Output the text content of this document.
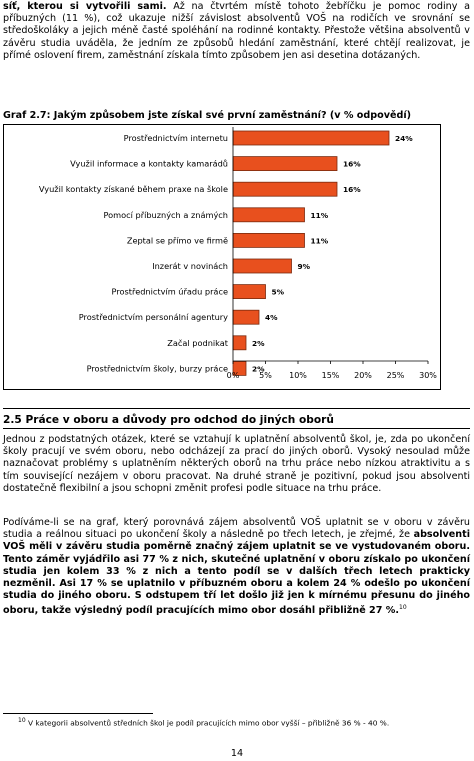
síť, kterou si vytvořili sami. Až na čtvrtém místě tohoto žebříčku je pomoc rodiny a příbuzných (11 %), což ukazuje nižší závislost absolventů VOŠ na rodičích ve srovnání se středoškoláky a jejich méně časté spoléhání na rodinné kontakty. Přestože většina absolventů v závěru studia uváděla, že jedním ze způsobů hledání zaměstnání, které chtějí realizovat, je přímé oslovení firem, zaměstnání získala tímto způsobem jen asi desetina dotázaných.

Graf 2.7: Jakým způsobem jste získal své první zaměstnání? (v % odpovědí)

Prostřednictvím internetu	24%
Využil informace a kontakty kamarádů	16%
Využil kontakty získané během praxe na škole	16%
Pomocí příbuzných a známých	11%
Zeptal se přímo ve firmě	11%
Inzerát v novinách	9%
Prostřednictvím úřadu práce	5%
Prostřednictvím personální agentury	4%
Začal podnikat	2%
Prostřednictvím školy, burzy práce	2%
0% 5% 10% 15% 20% 25% 30%

2.5 Práce v oboru a důvody pro odchod do jiných oborů

Jednou z podstatných otázek, které se vztahují k uplatnění absolventů škol, je, zda po ukončení školy pracují ve svém oboru, nebo odcházejí za prací do jiných oborů. Vysoký nesoulad může naznačovat problémy s uplatněním některých oborů na trhu práce nebo nízkou atraktivitu a s tím související nezájem v oboru pracovat. Na druhé straně je pozitivní, pokud jsou absolventi dostatečně flexibilní a jsou schopni změnit profesi podle situace na trhu práce.

Podíváme-li se na graf, který porovnává zájem absolventů VOŠ uplatnit se v oboru v závěru studia a reálnou situaci po ukončení školy a následně po třech letech, je zřejmé, že absolventi VOŠ měli v závěru studia poměrně značný zájem uplatnit se ve vystudovaném oboru. Tento záměr vyjádřilo asi 77 % z nich, skutečné uplatnění v oboru získalo po ukončení studia jen kolem 33 % z nich a tento podíl se v dalších třech letech prakticky nezměnil. Asi 17 % se uplatnilo v příbuzném oboru a kolem 24 % odešlo po ukončení studia do jiného oboru. S odstupem tří let došlo již jen k mírnému přesunu do jiného oboru, takže výsledný podíl pracujících mimo obor dosáhl přibližně 27 %.$^{10}$

$^{10}$ V kategorii absolventů středních škol je podíl pracujících mimo obor vyšší – přibližně 36 % - 40 %.

14
